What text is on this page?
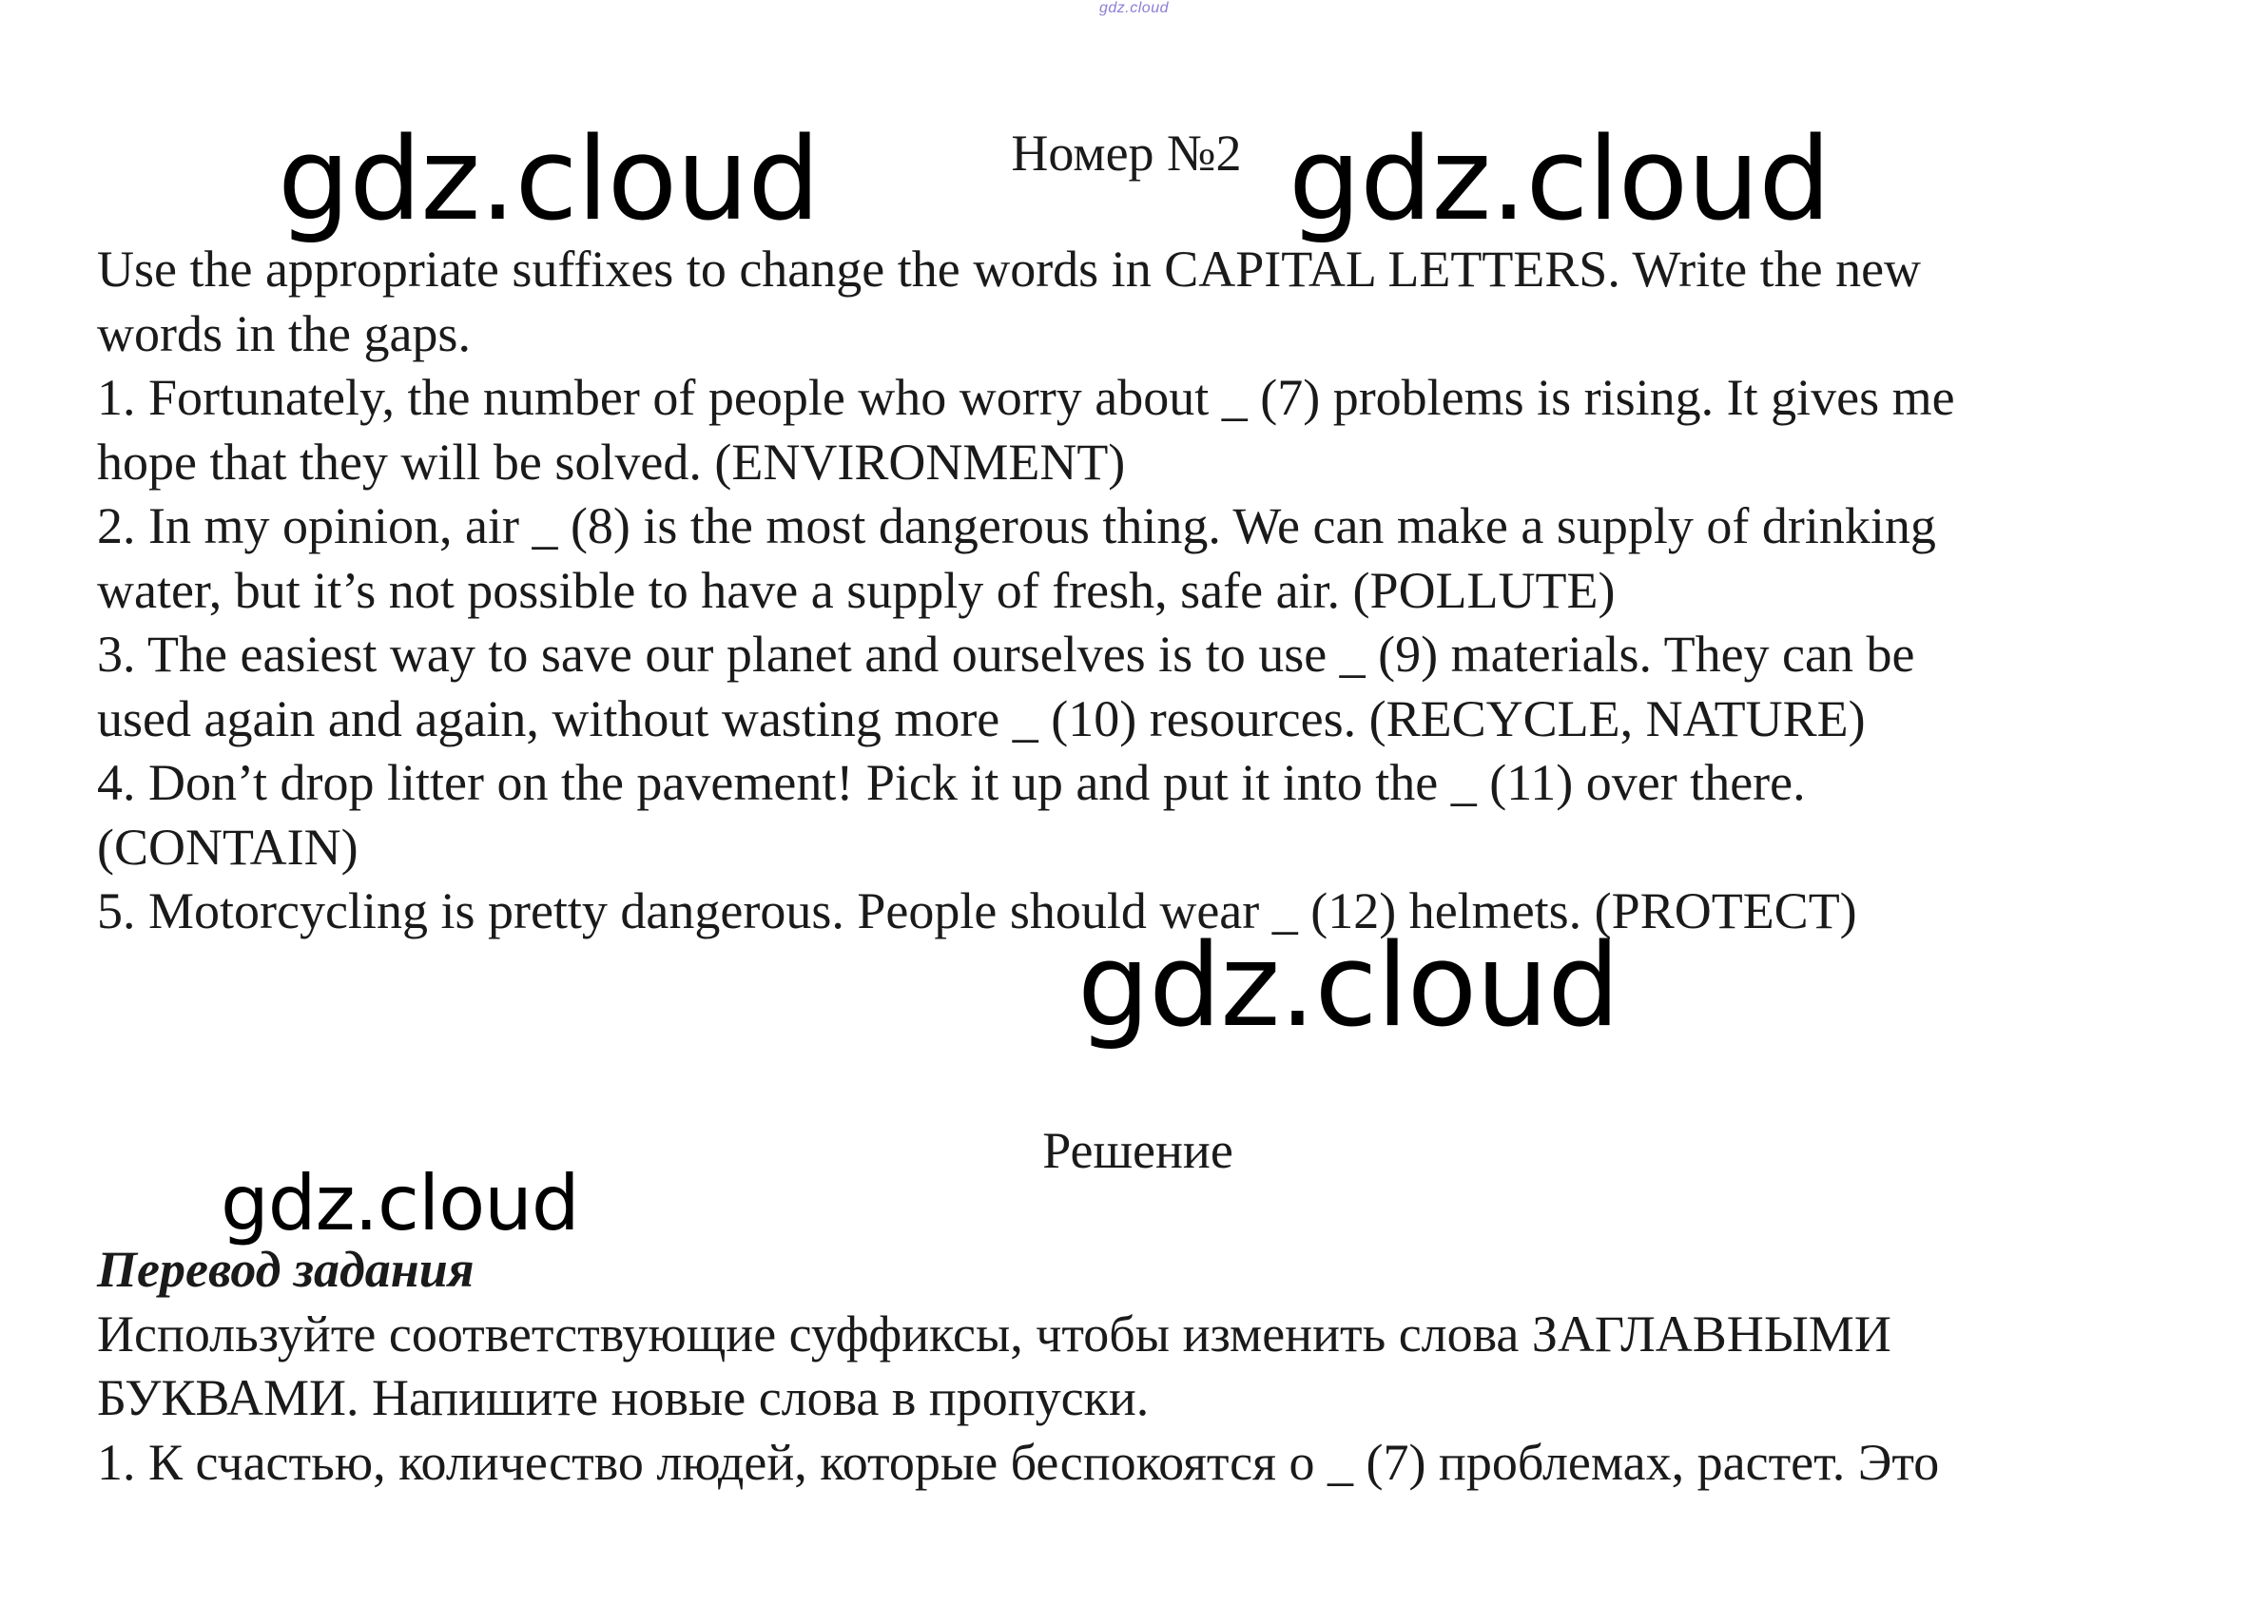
gdz.cloud
gdz.cloud	gdz.cloud
gdz.cloud
gdz.cloud
Номер №2

Use the appropriate suffixes to change the words in CAPITAL LETTERS. Write the new

words in the gaps.

1. Fortunately, the number of people who worry about _ (7) problems is rising. It gives me

hope that they will be solved. (ENVIRONMENT)

2. In my opinion, air _ (8) is the most dangerous thing. We can make a supply of drinking

water, but it’s not possible to have a supply of fresh, safe air. (POLLUTE)

3. The easiest way to save our planet and ourselves is to use _ (9) materials. They can be

used again and again, without wasting more _ (10) resources. (RECYCLE, NATURE)

4. Don’t drop litter on the pavement! Pick it up and put it into the _ (11) over there.

(CONTAIN)

5. Motorcycling is pretty dangerous. People should wear _ (12) helmets. (PROTECT)

Решение

Перевод задания

Используйте соответствующие суффиксы, чтобы изменить слова ЗАГЛАВНЫМИ

БУКВАМИ. Напишите новые слова в пропуски.

1. К счастью, количество людей, которые беспокоятся о _ (7) проблемах, растет. Это
